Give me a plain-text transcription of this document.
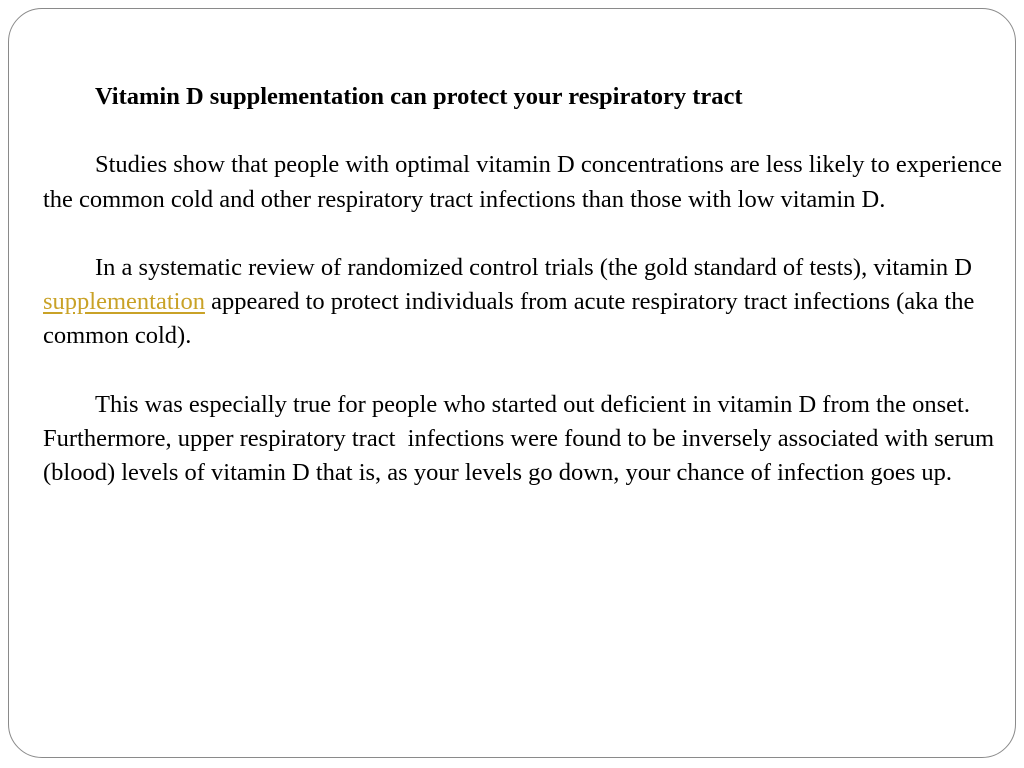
Vitamin D supplementation can protect your respiratory tract

Studies show that people with optimal vitamin D concentrations are less likely to experience the common cold and other respiratory tract infections than those with low vitamin D.

In a systematic review of randomized control trials (the gold standard of tests), vitamin D supplementation appeared to protect individuals from acute respiratory tract infections (aka the common cold).

This was especially true for people who started out deficient in vitamin D from the onset. Furthermore, upper respiratory tract  infections were found to be inversely associated with serum (blood) levels of vitamin D that is, as your levels go down, your chance of infection goes up.
